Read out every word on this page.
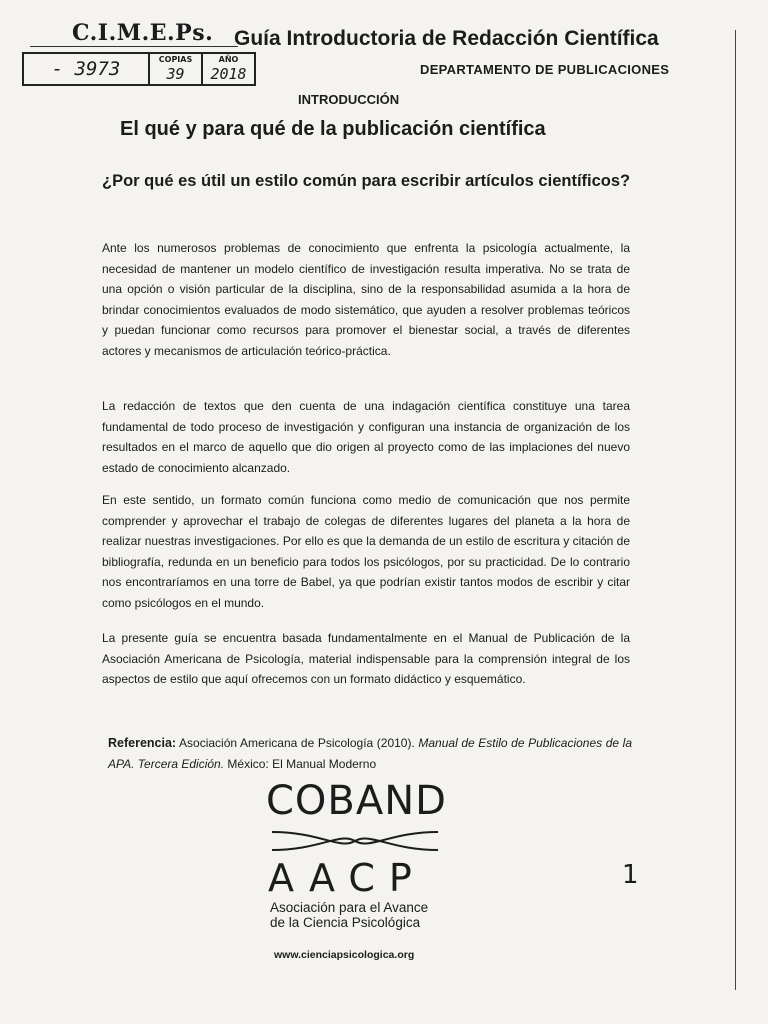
C.I.M.E.Ps.
- 3973	COPIAS
39
AÑO
2018
Guía Introductoria de Redacción Científica
DEPARTAMENTO DE PUBLICACIONES
INTRODUCCIÓN
El qué y para qué de la publicación científica
¿Por qué es útil un estilo común para escribir artículos científicos?

Ante los numerosos problemas de conocimiento que enfrenta la psicología actualmente, la necesidad de mantener un modelo científico de investigación resulta imperativa. No se trata de una opción o visión particular de la disciplina, sino de la responsabilidad asumida a la hora de brindar conocimientos evaluados de modo sistemático, que ayuden a resolver problemas teóricos y puedan funcionar como recursos para promover el bienestar social, a través de diferentes actores y mecanismos de articulación teórico-práctica.

La redacción de textos que den cuenta de una indagación científica constituye una tarea fundamental de todo proceso de investigación y configuran una instancia de organización de los resultados en el marco de aquello que dio origen al proyecto como de las implaciones del nuevo estado de conocimiento alcanzado.

En este sentido, un formato común funciona como medio de comunicación que nos permite comprender y aprovechar el trabajo de colegas de diferentes lugares del planeta a la hora de realizar nuestras investigaciones. Por ello es que la demanda de un estilo de escritura y citación de bibliografía, redunda en un beneficio para todos los psicólogos, por su practicidad. De lo contrario nos encontraríamos en una torre de Babel, ya que podrían existir tantos modos de escribir y citar como psicólogos en el mundo.

La presente guía se encuentra basada fundamentalmente en el Manual de Publicación de la Asociación Americana de Psicología, material indispensable para la comprensión integral de los aspectos de estilo que aquí ofrecemos con un formato didáctico y esquemático.

Referencia: Asociación Americana de Psicología (2010). Manual de Estilo de Publicaciones de la APA. Tercera Edición. México: El Manual Moderno

COBAND
AACP
Asociación para el Avance
de la Ciencia Psicológica
www.cienciapsicologica.org
1
